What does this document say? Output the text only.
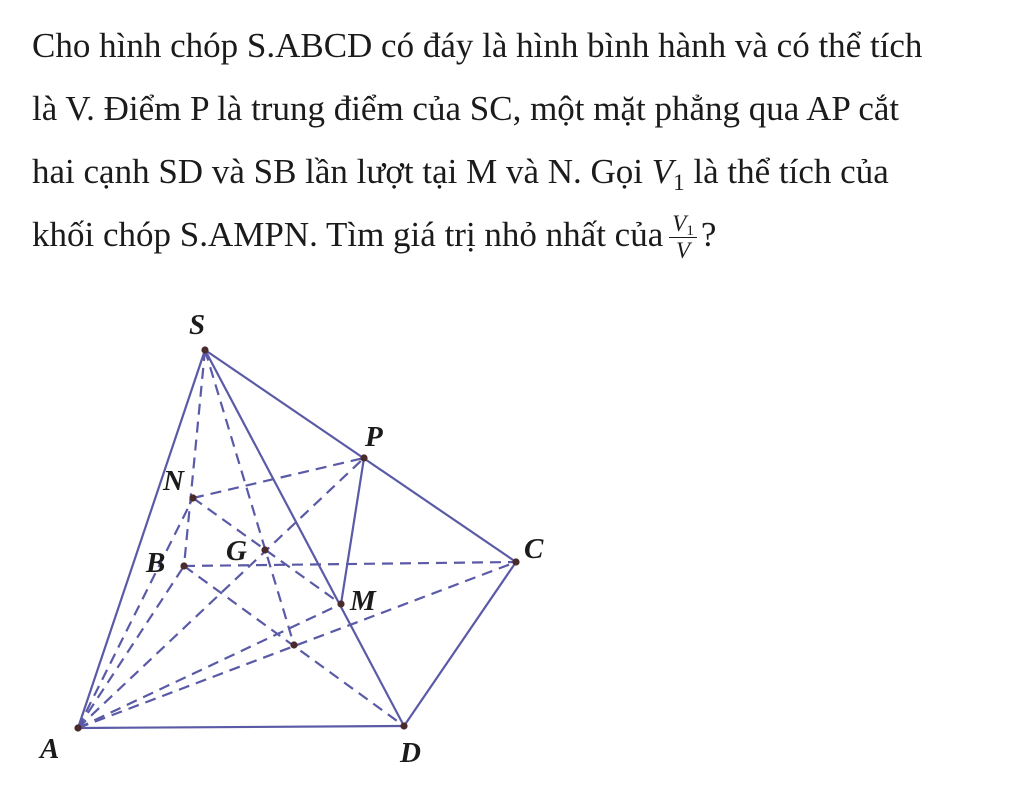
Cho hình chóp S.ABCD có đáy là hình bình hành và có thể tích
là V. Điểm P là trung điểm của SC, một mặt phẳng qua AP cắt
hai cạnh SD và SB lần lượt tại M và N. Gọi $V_1$ là thể tích của
khối chóp S.AMPN. Tìm giá trị nhỏ nhất của $\frac{V_1}{V}$ ?
S
P
N
B G	C
M
A	D
